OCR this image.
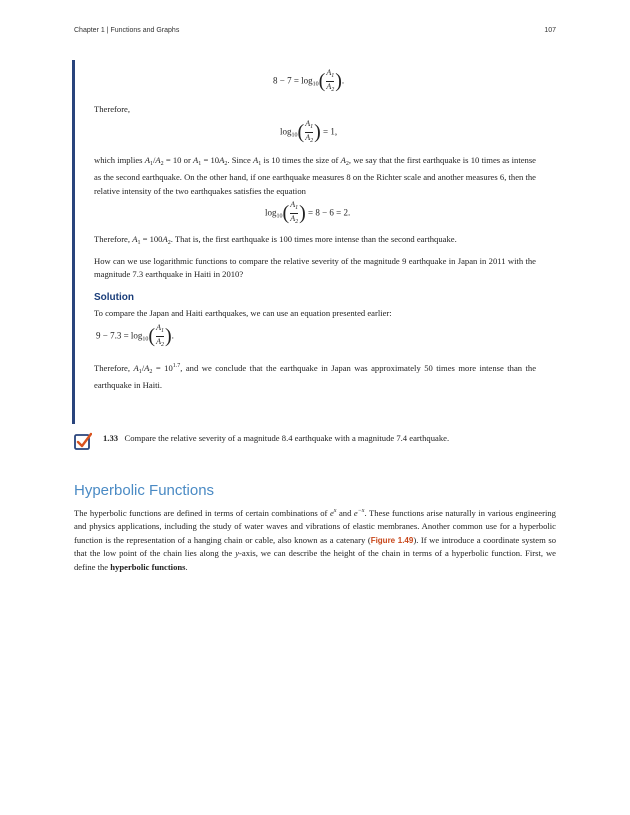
Chapter 1 | Functions and Graphs	107
$8 - 7 = \log_{10}( \frac{A_1}{A_2}$ ).
Therefore,
$\log_{10}( \frac{A_1}{A_2}$ ) = 1,
which implies $A_1/A_2 = 10$ or $A_1 = 10A_2$. Since $A_1$ is 10 times the size of $A_2$, we say that the first earthquake is 10 times as intense as the second earthquake. On the other hand, if one earthquake measures 8 on the Richter scale and another measures 6, then the relative intensity of the two earthquakes satisfies the equation
$\log_{10}( \frac{A_1}{A_2}$ ) = 8 − 6 = 2.
Therefore, $A_1 = 100A_2$. That is, the first earthquake is 100 times more intense than the second earthquake.
How can we use logarithmic functions to compare the relative severity of the magnitude 9 earthquake in Japan in 2011 with the magnitude 7.3 earthquake in Haiti in 2010?
Solution
To compare the Japan and Haiti earthquakes, we can use an equation presented earlier:
$9 - 7.3 = \log_{10}( \frac{A_1}{A_2}$ ).
Therefore, $A_1/A_2 = 10^{1.7}$, and we conclude that the earthquake in Japan was approximately 50 times more intense than the earthquake in Haiti.
1.33 Compare the relative severity of a magnitude 8.4 earthquake with a magnitude 7.4 earthquake.
Hyperbolic Functions
The hyperbolic functions are defined in terms of certain combinations of $e^x$ and $e^{-x}$. These functions arise naturally in various engineering and physics applications, including the study of water waves and vibrations of elastic membranes. Another common use for a hyperbolic function is the representation of a hanging chain or cable, also known as a catenary (Figure 1.49). If we introduce a coordinate system so that the low point of the chain lies along the y-axis, we can describe the height of the chain in terms of a hyperbolic function. First, we define the hyperbolic functions.
